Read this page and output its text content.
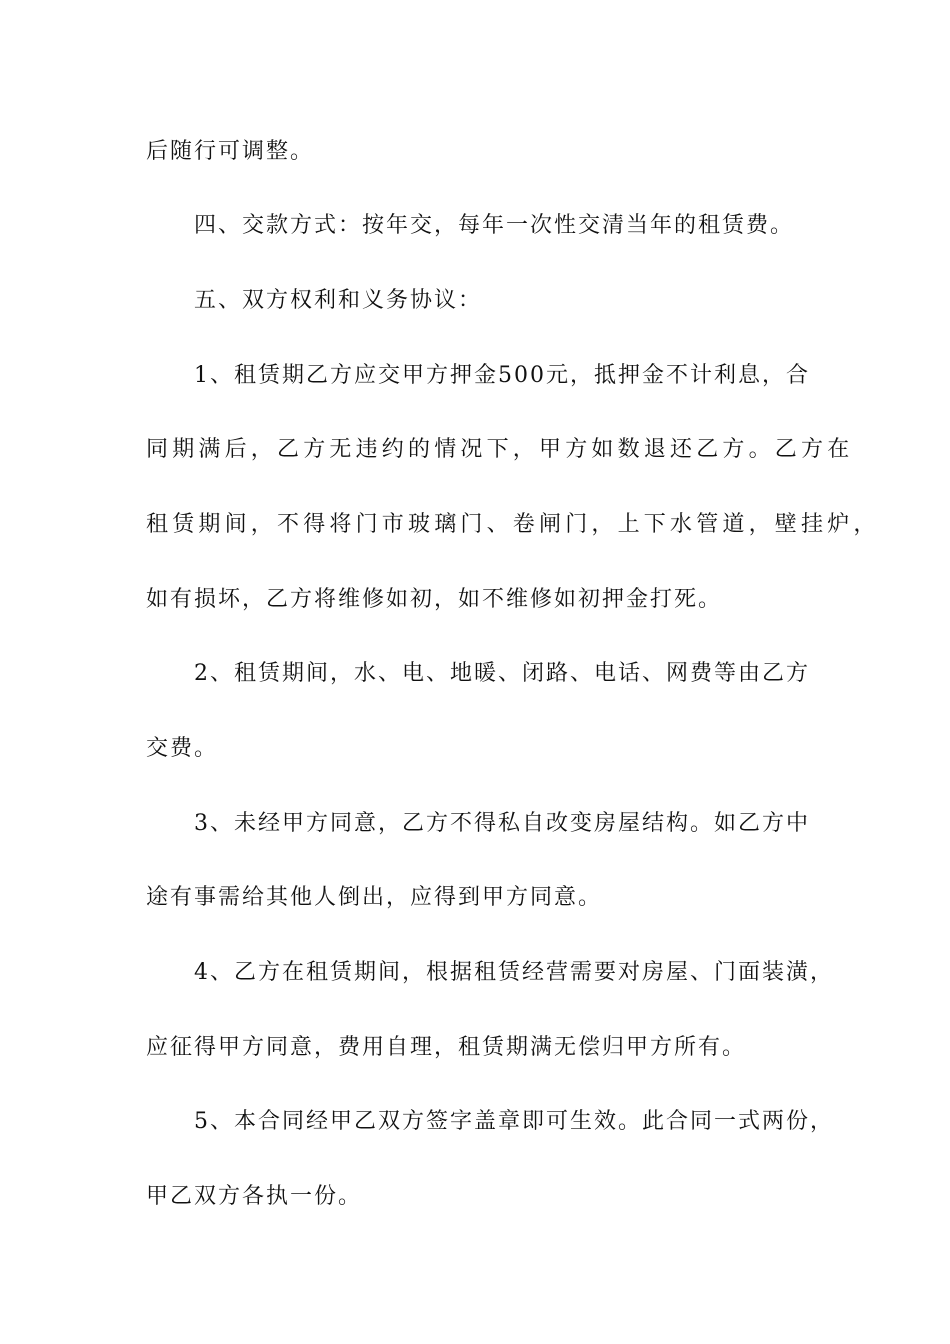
后随行可调整。

四、交款方式：按年交，每年一次性交清当年的租赁费。

五、双方权利和义务协议：

1、租赁期乙方应交甲方押金500元，抵押金不计利息，合

同期满后，乙方无违约的情况下，甲方如数退还乙方。乙方在

租赁期间，不得将门市玻璃门、卷闸门，上下水管道，壁挂炉，

如有损坏，乙方将维修如初，如不维修如初押金打死。

2、租赁期间，水、电、地暖、闭路、电话、网费等由乙方

交费。

3、未经甲方同意，乙方不得私自改变房屋结构。如乙方中

途有事需给其他人倒出，应得到甲方同意。

4、乙方在租赁期间，根据租赁经营需要对房屋、门面装潢，

应征得甲方同意，费用自理，租赁期满无偿归甲方所有。

5、本合同经甲乙双方签字盖章即可生效。此合同一式两份，

甲乙双方各执一份。
